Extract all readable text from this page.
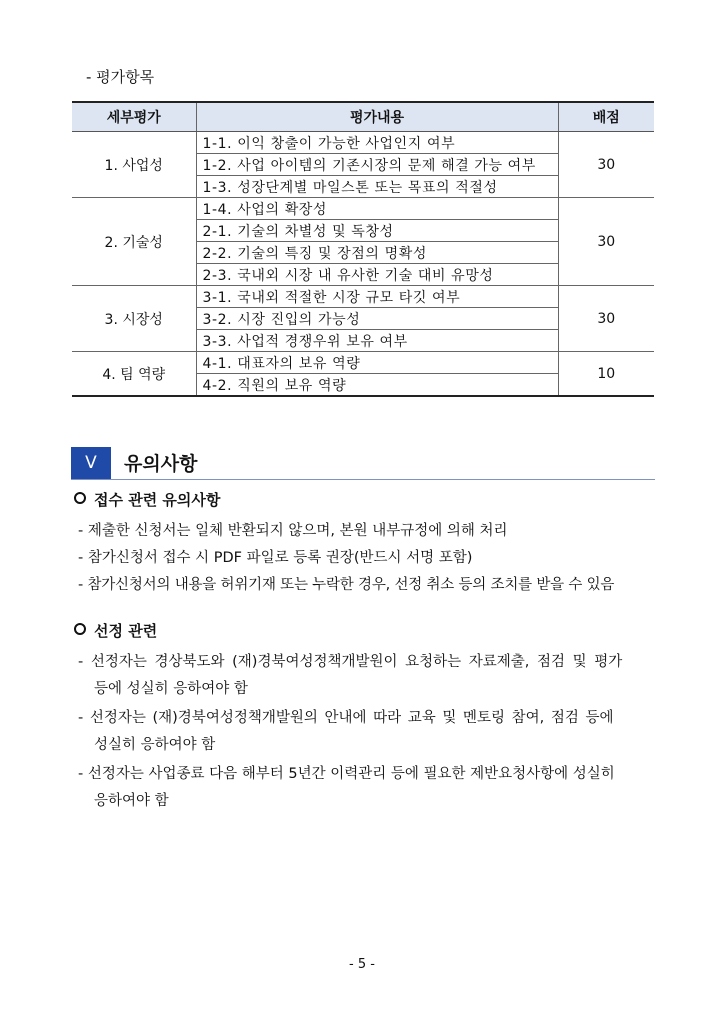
- 평가항목
세부평가	평가내용	배점
1. 사업성	1-1. 이익 창출이 가능한 사업인지 여부	30
	1-2. 사업 아이템의 기존시장의 문제 해결 가능 여부	
	1-3. 성장단계별 마일스톤 또는 목표의 적절성	
2. 기술성	1-4. 사업의 확장성	30
	2-1. 기술의 차별성 및 독창성	
	2-2. 기술의 특징 및 장점의 명확성	
	2-3. 국내외 시장 내 유사한 기술 대비 유망성	
3. 시장성	3-1. 국내외 적절한 시장 규모 타깃 여부	30
	3-2. 시장 진입의 가능성	
	3-3. 사업적 경쟁우위 보유 여부	
4. 팀 역량	4-1. 대표자의 보유 역량	10
	4-2. 직원의 보유 역량	
V	유의사항
접수 관련 유의사항
- 제출한 신청서는 일체 반환되지 않으며, 본원 내부규정에 의해 처리
- 참가신청서 접수 시 PDF 파일로 등록 권장(반드시 서명 포함)
- 참가신청서의 내용을 허위기재 또는 누락한 경우, 선정 취소 등의 조치를 받을 수 있음
선정 관련
- 선정자는 경상북도와 (재)경북여성정책개발원이 요청하는 자료제출, 점검 및 평가
등에 성실히 응하여야 함
- 선정자는 (재)경북여성정책개발원의 안내에 따라 교육 및 멘토링 참여, 점검 등에
성실히 응하여야 함
- 선정자는 사업종료 다음 해부터 5년간 이력관리 등에 필요한 제반요청사항에 성실히
응하여야 함
- 5 -
